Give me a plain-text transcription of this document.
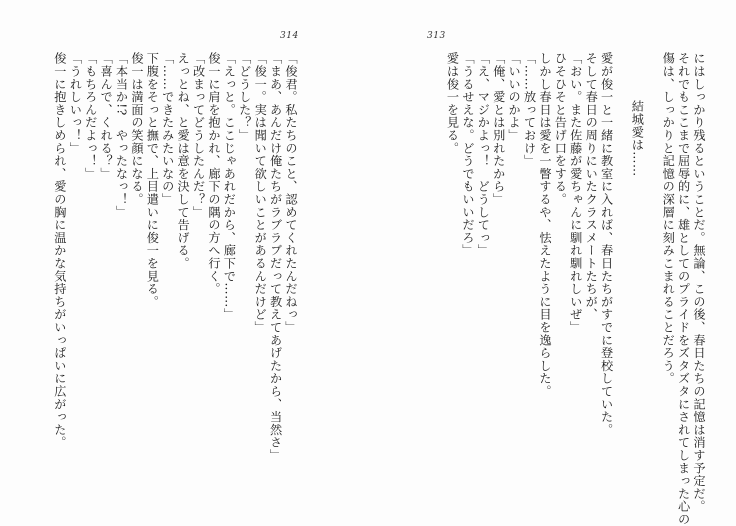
314
「俊君。私たちのこと、認めてくれたんだねっ」
「まあ、あんだけ俺たちがラブラブだって教えてあげたから、当然さ」
「俊一。実は聞いて欲しいことがあるんだけど」
「どうした？」
「えっと。ここじゃあれだから、廊下で……」
俊一に肩を抱かれ、廊下の隅の方へ行く。
「改まってどうしたんだ？」
えっとね、と愛は意を決して告げる。
「……できたみたいなの」
下腹をそっと撫で、上目遣いに俊一を見る。
俊一は満面の笑顔になる。
「本当か!?　やったなっ！」
「喜んで、くれる？」
「もちろんだよっ！」
「うれしいっ！」
俊一に抱きしめられ、愛の胸に温かな気持ちがいっぱいに広がった。
313
にはしっかり残るということだ。無論、この後、春日たちの記憶は消す予定だ。
それでもここまで屈辱的に、雄としてのプライドをズタズタにされてしまった心の
傷は、しっかりと記憶の深層に刻みこまれることだろう。
結城愛は……
愛が俊一と一緒に教室に入れば、春日たちがすでに登校していた。
そして春日の周りにいたクラスメートたちが、
「おい。また佐藤が愛ちゃんに馴れ馴れしいぜ」
ひそひそと告げ口をする。
しかし春日は愛を一瞥するや、怯えたように目を逸らした。
「……放っておけ」
「いいのかよ」
「俺、愛とは別れたから」
「え、マジかよっ！　どうしてっ」
「うるせえな。どうでもいいだろ」
愛は俊一を見る。
